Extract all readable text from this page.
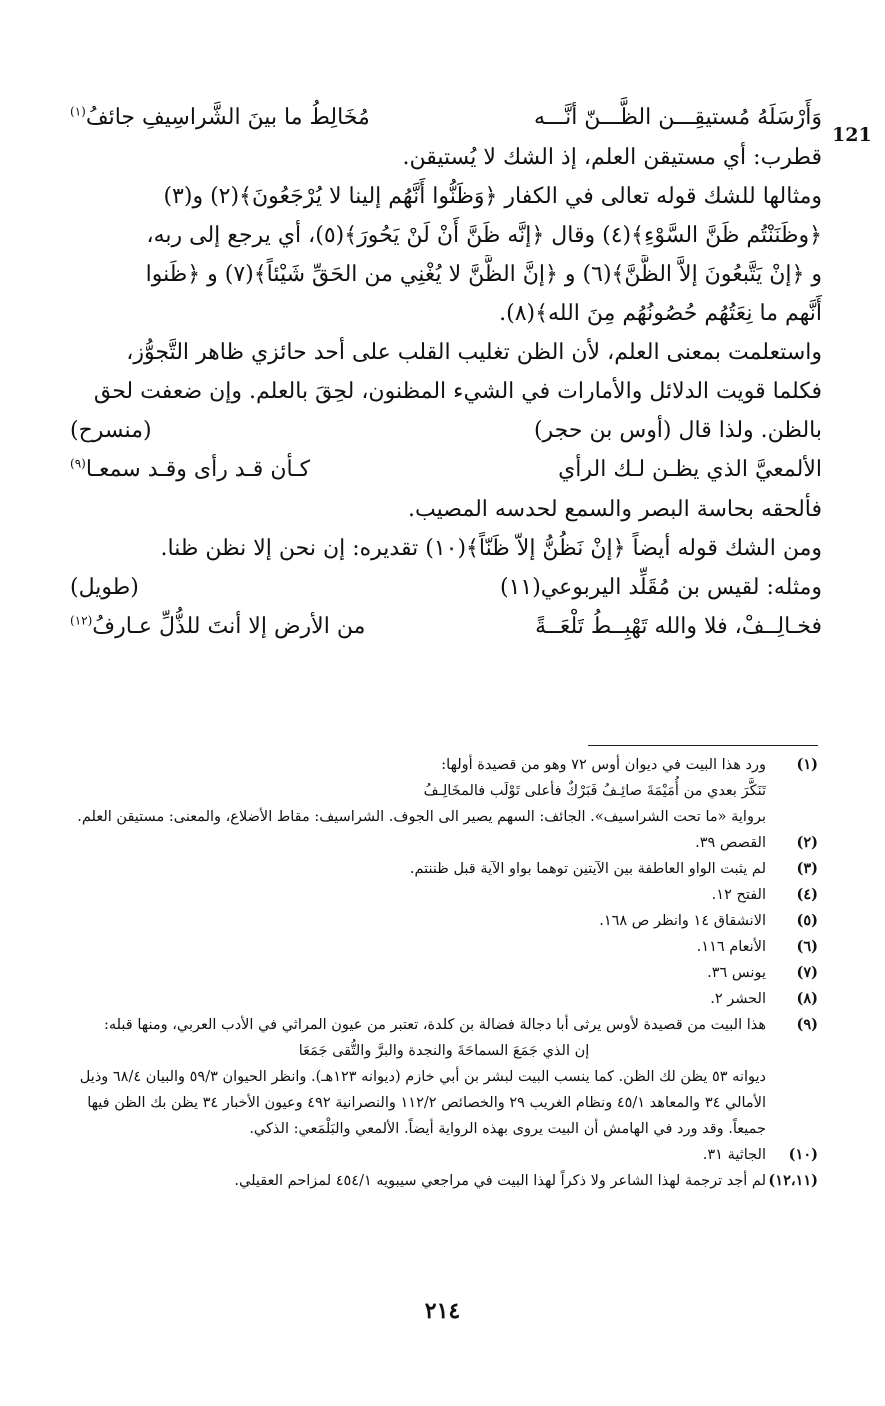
121
وَأَرْسَلَهُ مُستيقِـــن الظَّـــنّ أنَّـــه
مُخَالِطُ ما بينَ الشَّراسِيفِ جائفُ$^{(١)}$
قطرب: أي مستيقن العلم، إذ الشك لا يُستيقن.
ومثالها للشك قوله تعالى في الكفار ﴿وَظَنُّوا أَنَّهُم إلينا لا يُرْجَعُونَ﴾(٢) و(٣)
﴿وظَنَنْتُم ظَنَّ السَّوْءِ﴾(٤) وقال ﴿إنَّه ظَنَّ أَنْ لَنْ يَحُورَ﴾(٥)، أي يرجع إلى ربه،
و ﴿إنْ يَتَّبعُونَ إلاَّ الظَّنَّ﴾(٦) و ﴿إنَّ الظَّنَّ لا يُغْنِي من الحَقِّ شَيْئاً﴾(٧) و ﴿ظَنوا
أَنَّهم ما نِعَتُهُم حُصُونُهُم مِنَ الله﴾(٨).
واستعلمت بمعنى العلم، لأن الظن تغليب القلب على أحد حائزي ظاهر التَّجوُّز،
فكلما قويت الدلائل والأمارات في الشيء المظنون، لحِقَ بالعلم. وإن ضعفت لحق
بالظن. ولذا قال (أوس بن حجر)
(منسرح)
الألمعيَّ الذي يظـن لـك الرأي
كـأن قـد رأى وقـد سمعـا$^{(٩)}$
فألحقه بحاسة البصر والسمع لحدسه المصيب.
ومن الشك قوله أيضاً ﴿إنْ نَظُنُّ إلاّ ظَنّاً﴾(١٠) تقديره: إن نحن إلا نظن ظنا.
ومثله: لقيس بن مُقَلِّد اليربوعي(١١)
(طويل)
فخـالِــفْ، فلا والله تَهْبِــطُ تَلْعَــةً
من الأرض إلا أنتَ للذُّلِّ عـارفُ$^{(١٢)}$
(١)
ورد هذا البيت في ديوان أوس ٧٢ وهو من قصيدة أولها:
تَنَكَّرَ بعدي من أُمَيْمَةَ صائِـفُ فَبَرْكٌ فأعلى تَوْلَب فالمخَالِـفُ
برواية «ما تحت الشراسيف». الجائف: السهم يصير الى الجوف. الشراسيف: مقاط الأضلاع، والمعنى: مستيقن العلم.
(٢)
القصص ٣٩.
(٣)
لم يثبت الواو العاطفة بين الآيتين توهما بواو الآية قبل ظننتم.
(٤)
الفتح ١٢.
(٥)
الانشقاق ١٤ وانظر ص ١٦٨.
(٦)
الأنعام ١١٦.
(٧)
يونس ٣٦.
(٨)
الحشر ٢.
(٩)
هذا البيت من قصيدة لأوس يرثى أبا دجالة فضالة بن كلدة، تعتبر من عيون المراثي في الأدب العربي، ومنها قبله:
إن الذي جَمَعَ السماحَةَ والنجدة والبرَّ والتُّقى جَمَعَا
ديوانه ٥٣ يظن لك الظن. كما ينسب البيت لبشر بن أبي خازم (ديوانه ١٢٣هـ). وانظر الحيوان ٥٩/٣ والبيان ٦٨/٤ وذيل الأمالي ٣٤ والمعاهد ٤٥/١ ونظام الغريب ٢٩ والخصائص ١١٢/٢ والنصرانية ٤٩٢ وعيون الأخبار ٣٤ يظن بك الظن فيها جميعاً. وقد ورد في الهامش أن البيت يروى بهذه الرواية أيضاً. الألمعي والبَلْمَعي: الذكي.
(١٠)
الجاثية ٣١.
(١٢،١١)
لم أجد ترجمة لهذا الشاعر ولا ذكراً لهذا البيت في مراجعي سيبويه ٤٥٤/١ لمزاحم العقيلي.
٢١٤
